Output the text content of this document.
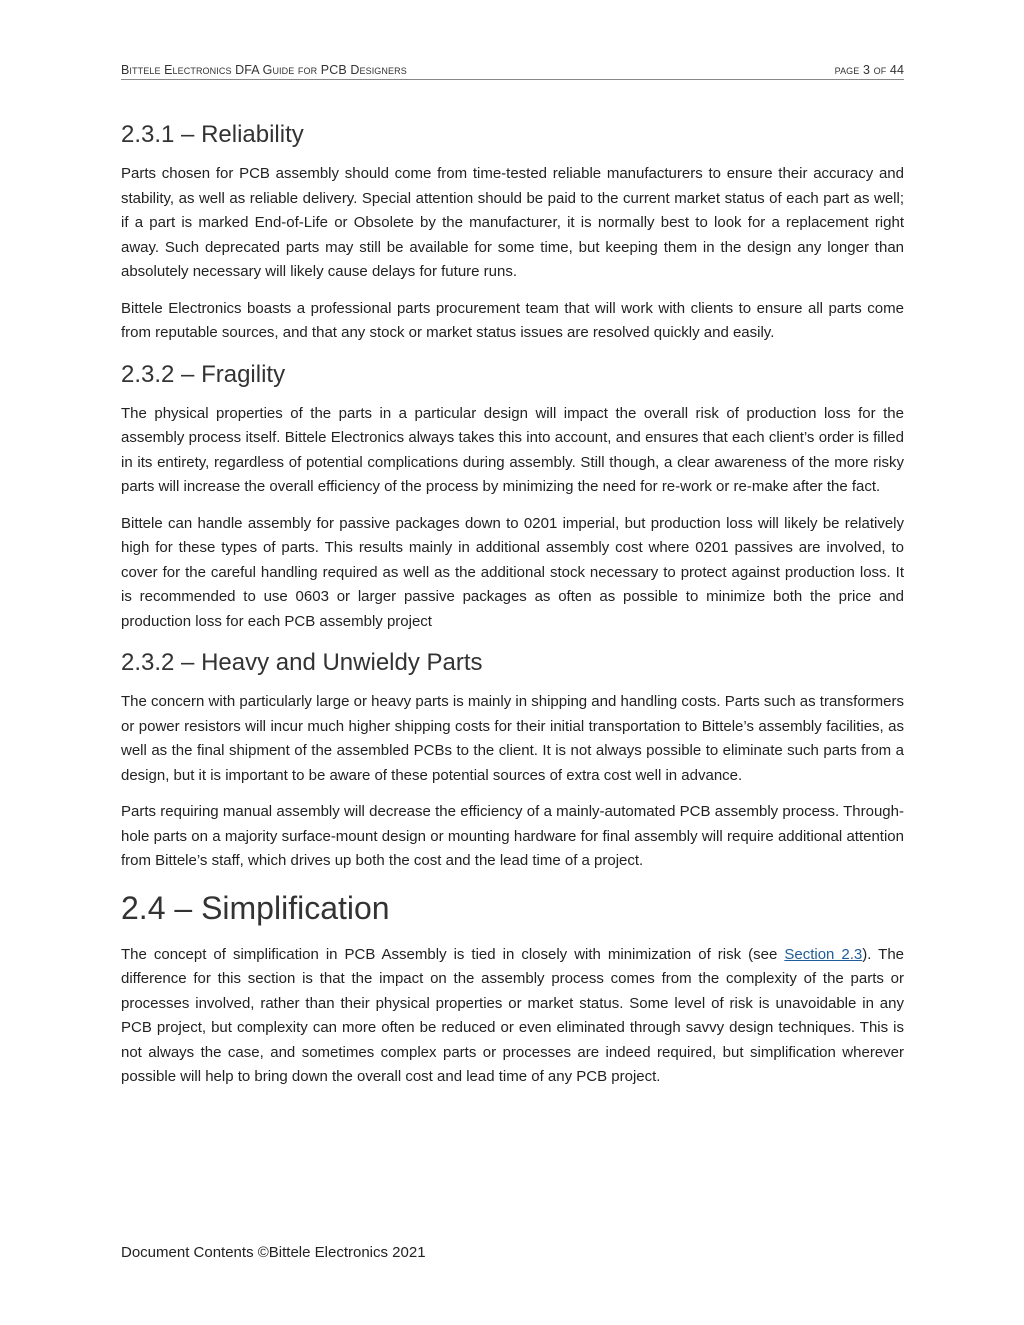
Bittele Electronics DFA Guide for PCB Designers	page 3 of 44
2.3.1 – Reliability

Parts chosen for PCB assembly should come from time-tested reliable manufacturers to ensure their accuracy and stability, as well as reliable delivery. Special attention should be paid to the current market status of each part as well; if a part is marked End-of-Life or Obsolete by the manufacturer, it is normally best to look for a replacement right away. Such deprecated parts may still be available for some time, but keeping them in the design any longer than absolutely necessary will likely cause delays for future runs.

Bittele Electronics boasts a professional parts procurement team that will work with clients to ensure all parts come from reputable sources, and that any stock or market status issues are resolved quickly and easily.

2.3.2 – Fragility

The physical properties of the parts in a particular design will impact the overall risk of production loss for the assembly process itself. Bittele Electronics always takes this into account, and ensures that each client’s order is filled in its entirety, regardless of potential complications during assembly. Still though, a clear awareness of the more risky parts will increase the overall efficiency of the process by minimizing the need for re-work or re-make after the fact.

Bittele can handle assembly for passive packages down to 0201 imperial, but production loss will likely be relatively high for these types of parts. This results mainly in additional assembly cost where 0201 passives are involved, to cover for the careful handling required as well as the additional stock necessary to protect against production loss. It is recommended to use 0603 or larger passive packages as often as possible to minimize both the price and production loss for each PCB assembly project

2.3.2 – Heavy and Unwieldy Parts

The concern with particularly large or heavy parts is mainly in shipping and handling costs. Parts such as transformers or power resistors will incur much higher shipping costs for their initial transportation to Bittele’s assembly facilities, as well as the final shipment of the assembled PCBs to the client. It is not always possible to eliminate such parts from a design, but it is important to be aware of these potential sources of extra cost well in advance.

Parts requiring manual assembly will decrease the efficiency of a mainly-automated PCB assembly process. Through-hole parts on a majority surface-mount design or mounting hardware for final assembly will require additional attention from Bittele’s staff, which drives up both the cost and the lead time of a project.

2.4 – Simplification

The concept of simplification in PCB Assembly is tied in closely with minimization of risk (see Section 2.3). The difference for this section is that the impact on the assembly process comes from the complexity of the parts or processes involved, rather than their physical properties or market status. Some level of risk is unavoidable in any PCB project, but complexity can more often be reduced or even eliminated through savvy design techniques. This is not always the case, and sometimes complex parts or processes are indeed required, but simplification wherever possible will help to bring down the overall cost and lead time of any PCB project.

Document Contents ©Bittele Electronics 2021
